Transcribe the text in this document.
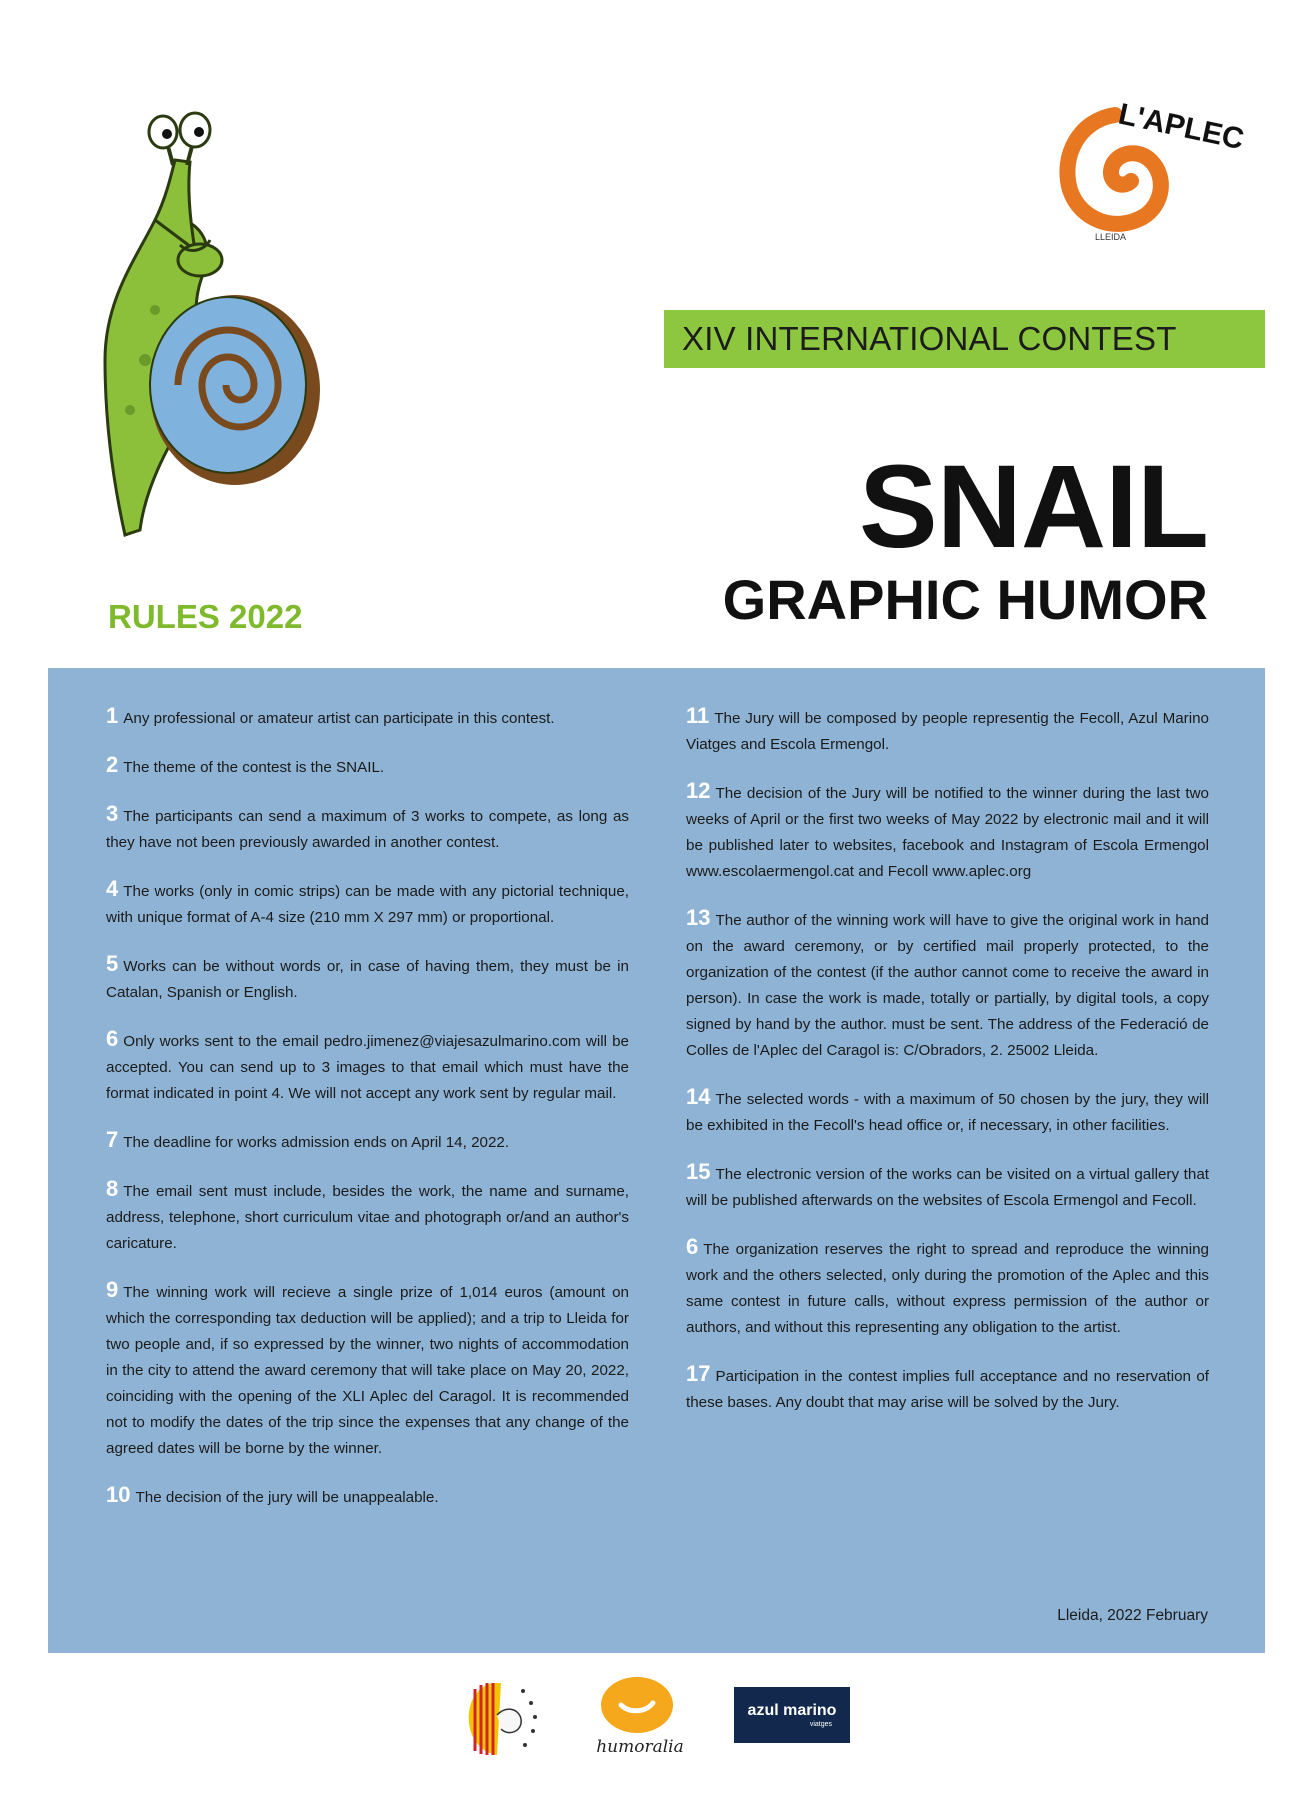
L'APLEC
LLEIDA
XIV INTERNATIONAL CONTEST
SNAIL
GRAPHIC HUMOR
RULES 2022

1 Any professional or amateur artist can participate in this contest.

2 The theme of the contest is the SNAIL.

3 The participants can send a maximum of 3 works to compete, as long as they have not been previously awarded in another contest.

4 The works (only in comic strips) can be made with any pictorial technique, with unique format of A-4 size (210 mm X 297 mm) or proportional.

5 Works can be without words or, in case of having them, they must be in Catalan, Spanish or English.

6 Only works sent to the email pedro.jimenez@viajesazulmarino.com will be accepted. You can send up to 3 images to that email which must have the format indicated in point 4. We will not accept any work sent by regular mail.

7 The deadline for works admission ends on April 14, 2022.

8 The email sent must include, besides the work, the name and surname, address, telephone, short curriculum vitae and photograph or/and an author's caricature.

9 The winning work will recieve a single prize of 1,014 euros (amount on which the corresponding tax deduction will be applied); and a trip to Lleida for two people and, if so expressed by the winner, two nights of accommodation in the city to attend the award ceremony that will take place on May 20, 2022, coinciding with the opening of the XLI Aplec del Caragol. It is recommended not to modify the dates of the trip since the expenses that any change of the agreed dates will be borne by the winner.

10 The decision of the jury will be unappealable.

11 The Jury will be composed by people representig the Fecoll, Azul Marino Viatges and Escola Ermengol.

12 The decision of the Jury will be notified to the winner during the last two weeks of April or the first two weeks of May 2022 by electronic mail and it will be published later to websites, facebook and Instagram of Escola Ermengol www.escolaermengol.cat and Fecoll www.aplec.org

13 The author of the winning work will have to give the original work in hand on the award ceremony, or by certified mail properly protected, to the organization of the contest (if the author cannot come to receive the award in person). In case the work is made, totally or partially, by digital tools, a copy signed by hand by the author. must be sent. The address of the Federació de Colles de l'Aplec del Caragol is: C/Obradors, 2. 25002 Lleida.

14 The selected words - with a maximum of 50 chosen by the jury, they will be exhibited in the Fecoll's head office or, if necessary, in other facilities.

15 The electronic version of the works can be visited on a virtual gallery that will be published afterwards on the websites of Escola Ermengol and Fecoll.

6 The organization reserves the right to spread and reproduce the winning work and the others selected, only during the promotion of the Aplec and this same contest in future calls, without express permission of the author or authors, and without this representing any obligation to the artist.

17 Participation in the contest implies full acceptance and no reservation of these bases. Any doubt that may arise will be solved by the Jury.

Lleida, 2022 February
humoralia
azul marino
viatges
